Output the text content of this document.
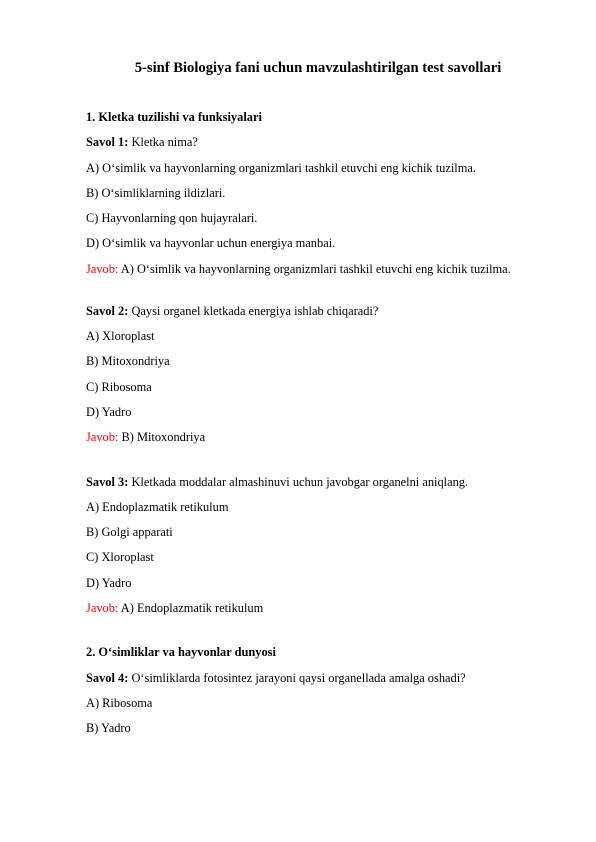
5-sinf Biologiya fani uchun mavzulashtirilgan test savollari
1. Kletka tuzilishi va funksiyalari
Savol 1: Kletka nima?
A) O‘simlik va hayvonlarning organizmlari tashkil etuvchi eng kichik tuzilma.
B) O‘simliklarning ildizlari.
C) Hayvonlarning qon hujayralari.
D) O‘simlik va hayvonlar uchun energiya manbai.
Javob: A) O‘simlik va hayvonlarning organizmlari tashkil etuvchi eng kichik tuzilma.
Savol 2: Qaysi organel kletkada energiya ishlab chiqaradi?
A) Xloroplast
B) Mitoxondriya
C) Ribosoma
D) Yadro
Javob: B) Mitoxondriya
Savol 3: Kletkada moddalar almashinuvi uchun javobgar organelni aniqlang.
A) Endoplazmatik retikulum
B) Golgi apparati
C) Xloroplast
D) Yadro
Javob: A) Endoplazmatik retikulum
2. O‘simliklar va hayvonlar dunyosi
Savol 4: O‘simliklarda fotosintez jarayoni qaysi organellada amalga oshadi?
A) Ribosoma
B) Yadro
